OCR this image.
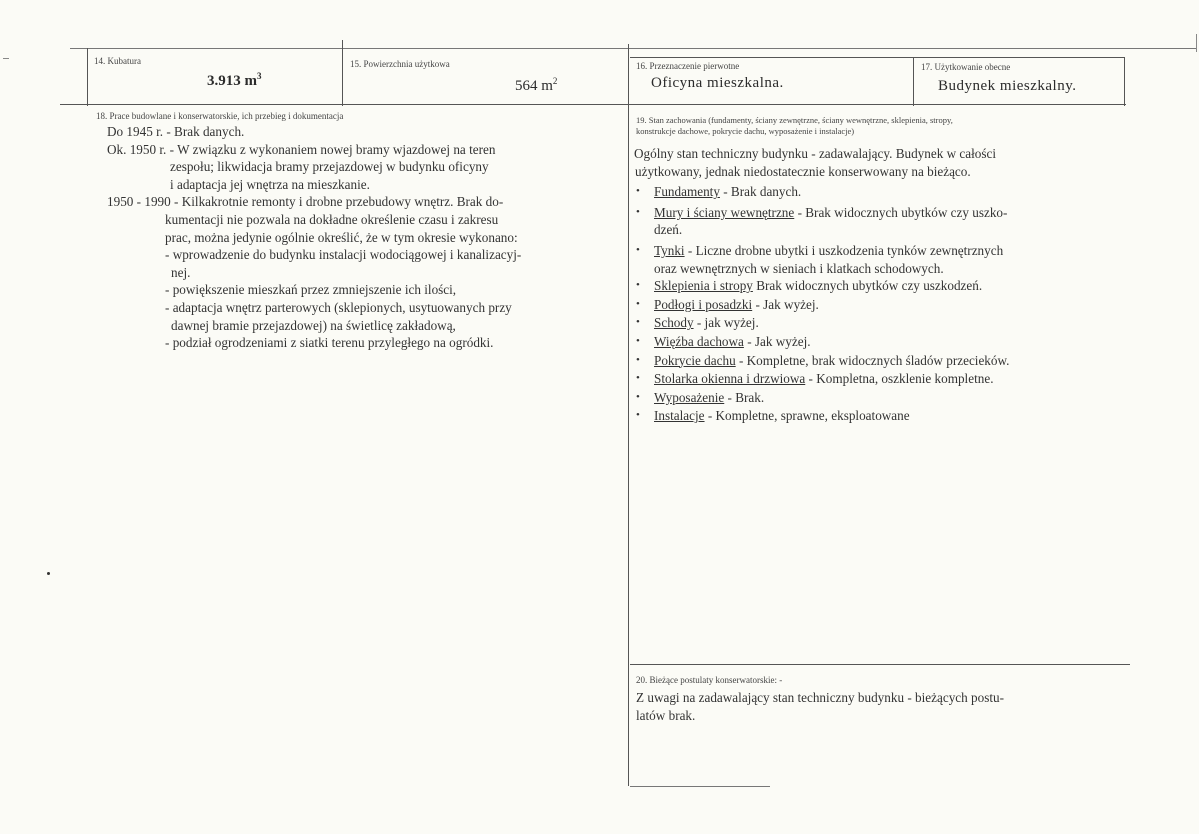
14. Kubatura
3.913 $m^3$
15. Powierzchnia użytkowa
564 $m^2$
16. Przeznaczenie pierwotne
Oficyna mieszkalna.
17. Użytkowanie obecne
Budynek mieszkalny.
18. Prace budowlane i konserwatorskie, ich przebieg i dokumentacja

Do 1945 r. - Brak danych.

Ok. 1950 r. - W związku z wykonaniem nowej bramy wjazdowej na teren

zespołu; likwidacja bramy przejazdowej w budynku oficyny

i adaptacja jej wnętrza na mieszkanie.

1950 - 1990 - Kilkakrotnie remonty i drobne przebudowy wnętrz. Brak do-

kumentacji nie pozwala na dokładne określenie czasu i zakresu

prac, można jedynie ogólnie określić, że w tym okresie wykonano:

- wprowadzenie do budynku instalacji wodociągowej i kanalizacyj-

nej.

- powiększenie mieszkań przez zmniejszenie ich ilości,

- adaptacja wnętrz parterowych (sklepionych, usytuowanych przy

dawnej bramie przejazdowej) na świetlicę zakładową,

- podział ogrodzeniami z siatki terenu przyległego na ogródki.

19. Stan zachowania (fundamenty, ściany zewnętrzne, ściany wewnętrzne, sklepienia, stropy,
konstrukcje dachowe, pokrycie dachu, wyposażenie i instalacje)

Ogólny stan techniczny budynku - zadawalający. Budynek w całości

użytkowany, jednak niedostatecznie konserwowany na bieżąco.

• Fundamenty - Brak danych.
• Mury i ściany wewnętrzne - Brak widocznych ubytków czy uszko-
dzeń.
• Tynki - Liczne drobne ubytki i uszkodzenia tynków zewnętrznych
oraz wewnętrznych w sieniach i klatkach schodowych.
• Sklepienia i stropy Brak widocznych ubytków czy uszkodzeń.
• Podłogi i posadzki - Jak wyżej.
• Schody - jak wyżej.
• Więźba dachowa - Jak wyżej.
• Pokrycie dachu - Kompletne, brak widocznych śladów przecieków.
• Stolarka okienna i drzwiowa - Kompletna, oszklenie kompletne.
• Wyposażenie - Brak.
• Instalacje - Kompletne, sprawne, eksploatowane
20. Bieżące postulaty konserwatorskie: -

Z uwagi na zadawalający stan techniczny budynku - bieżących postu-

latów brak.
